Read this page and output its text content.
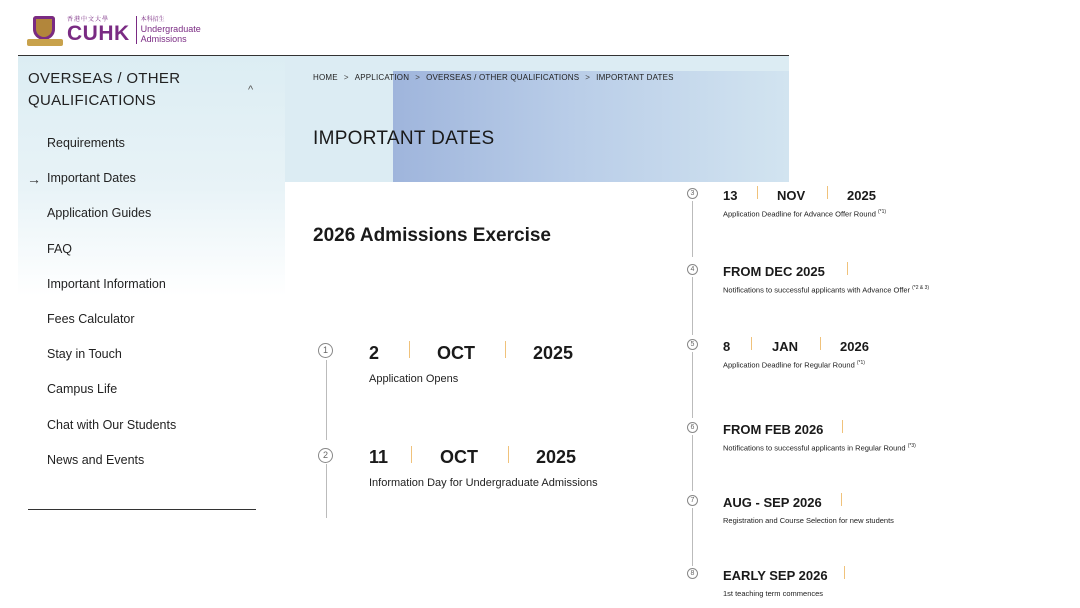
香港中文大學
CUHK
本科招生
Undergraduate
Admissions
OVERSEAS / OTHER QUALIFICATIONS
^
Requirements
→ Important Dates
Application Guides
FAQ
Important Information
Fees Calculator
Stay in Touch
Campus Life
Chat with Our Students
News and Events
HOME > APPLICATION > OVERSEAS / OTHER QUALIFICATIONS > IMPORTANT DATES
IMPORTANT DATES
2026 Admissions Exercise
1 2	OCT	2025
Application Opens
2 11	OCT	2025
Information Day for Undergraduate Admissions
3 13	NOV	2025
Application Deadline for Advance Offer Round $^{(*1)}$
4 FROM DEC 2025
Notifications to successful applicants with Advance Offer $^{(*2 \& 3)}$
5 8	JAN	2026
Application Deadline for Regular Round $^{(*1)}$
6 FROM FEB 2026
Notifications to successful applicants in Regular Round $^{(*3)}$
7 AUG - SEP 2026
Registration and Course Selection for new students
8 EARLY SEP 2026
1st teaching term commences
